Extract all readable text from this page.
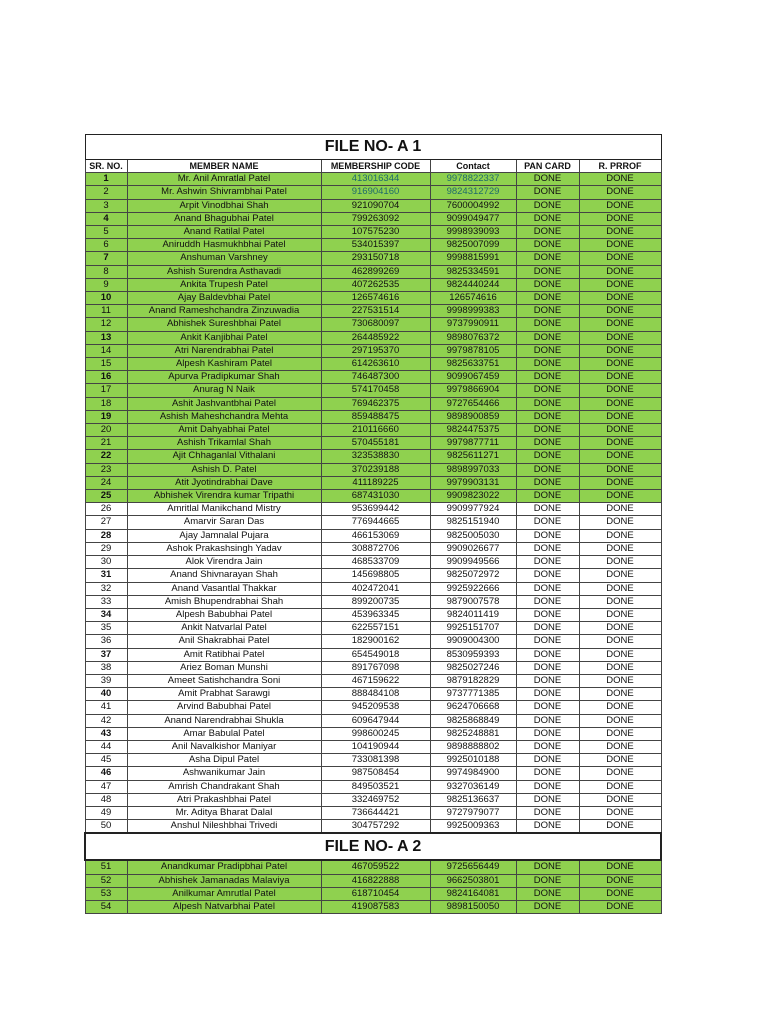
FILE NO- A 1					
SR. NO.	MEMBER NAME	MEMBERSHIP CODE	Contact	PAN CARD	R. PRROF
1	Mr. Anil Amratlal Patel	413016344	9978822337	DONE	DONE
2	Mr. Ashwin Shivrambhai Patel	916904160	9824312729	DONE	DONE
3	Arpit Vinodbhai Shah	921090704	7600004992	DONE	DONE
4	Anand Bhagubhai Patel	799263092	9099049477	DONE	DONE
5	Anand Ratilal Patel	107575230	9998939093	DONE	DONE
6	Aniruddh Hasmukhbhai Patel	534015397	9825007099	DONE	DONE
7	Anshuman Varshney	293150718	9998815991	DONE	DONE
8	Ashish Surendra Asthavadi	462899269	9825334591	DONE	DONE
9	Ankita Trupesh Patel	407262535	9824440244	DONE	DONE
10	Ajay Baldevbhai Patel	126574616	126574616	DONE	DONE
11	Anand Rameshchandra Zinzuwadia	227531514	9998999383	DONE	DONE
12	Abhishek Sureshbhai Patel	730680097	9737990911	DONE	DONE
13	Ankit Kanjibhai Patel	264485922	9898076372	DONE	DONE
14	Atri Narendrabhai Patel	297195370	9979878105	DONE	DONE
15	Alpesh Kashiram Patel	614263610	9825633751	DONE	DONE
16	Apurva Pradipkumar Shah	746487300	9099067459	DONE	DONE
17	Anurag N Naik	574170458	9979866904	DONE	DONE
18	Ashit Jashvantbhai Patel	769462375	9727654466	DONE	DONE
19	Ashish Maheshchandra Mehta	859488475	9898900859	DONE	DONE
20	Amit Dahyabhai Patel	210116660	9824475375	DONE	DONE
21	Ashish Trikamlal Shah	570455181	9979877711	DONE	DONE
22	Ajit Chhaganlal Vithalani	323538830	9825611271	DONE	DONE
23	Ashish D. Patel	370239188	9898997033	DONE	DONE
24	Atit Jyotindrabhai Dave	411189225	9979903131	DONE	DONE
25	Abhishek Virendra kumar Tripathi	687431030	9909823022	DONE	DONE
26	Amritlal Manikchand Mistry	953699442	9909977924	DONE	DONE
27	Amarvir Saran Das	776944665	9825151940	DONE	DONE
28	Ajay Jamnalal Pujara	466153069	9825005030	DONE	DONE
29	Ashok Prakashsingh Yadav	308872706	9909026677	DONE	DONE
30	Alok Virendra Jain	468533709	9909949566	DONE	DONE
31	Anand Shivnarayan Shah	145698805	9825072972	DONE	DONE
32	Anand Vasantlal Thakkar	402472041	9925922666	DONE	DONE
33	Amish Bhupendrabhai Shah	899200735	9879007578	DONE	DONE
34	Alpesh Babubhai Patel	453963345	9824011419	DONE	DONE
35	Ankit Natvarlal Patel	622557151	9925151707	DONE	DONE
36	Anil Shakrabhai Patel	182900162	9909004300	DONE	DONE
37	Amit Ratibhai Patel	654549018	8530959393	DONE	DONE
38	Ariez Boman Munshi	891767098	9825027246	DONE	DONE
39	Ameet Satishchandra Soni	467159622	9879182829	DONE	DONE
40	Amit Prabhat Sarawgi	888484108	9737771385	DONE	DONE
41	Arvind Babubhai Patel	945209538	9624706668	DONE	DONE
42	Anand Narendrabhai Shukla	609647944	9825868849	DONE	DONE
43	Amar Babulal Patel	998600245	9825248881	DONE	DONE
44	Anil Navalkishor Maniyar	104190944	9898888802	DONE	DONE
45	Asha Dipul Patel	733081398	9925010188	DONE	DONE
46	Ashwanikumar Jain	987508454	9974984900	DONE	DONE
47	Amrish Chandrakant Shah	849503521	9327036149	DONE	DONE
48	Atri Prakashbhai Patel	332469752	9825136637	DONE	DONE
49	Mr. Aditya Bharat Dalal	736644421	9727979077	DONE	DONE
50	Anshul Nileshbhai Trivedi	304757292	9925009363	DONE	DONE
FILE NO- A 2					
51	Anandkumar Pradipbhai Patel	467059522	9725656449	DONE	DONE
52	Abhishek Jamanadas Malaviya	416822888	9662503801	DONE	DONE
53	Anilkumar Amrutlal Patel	618710454	9824164081	DONE	DONE
54	Alpesh Natvarbhai Patel	419087583	9898150050	DONE	DONE
